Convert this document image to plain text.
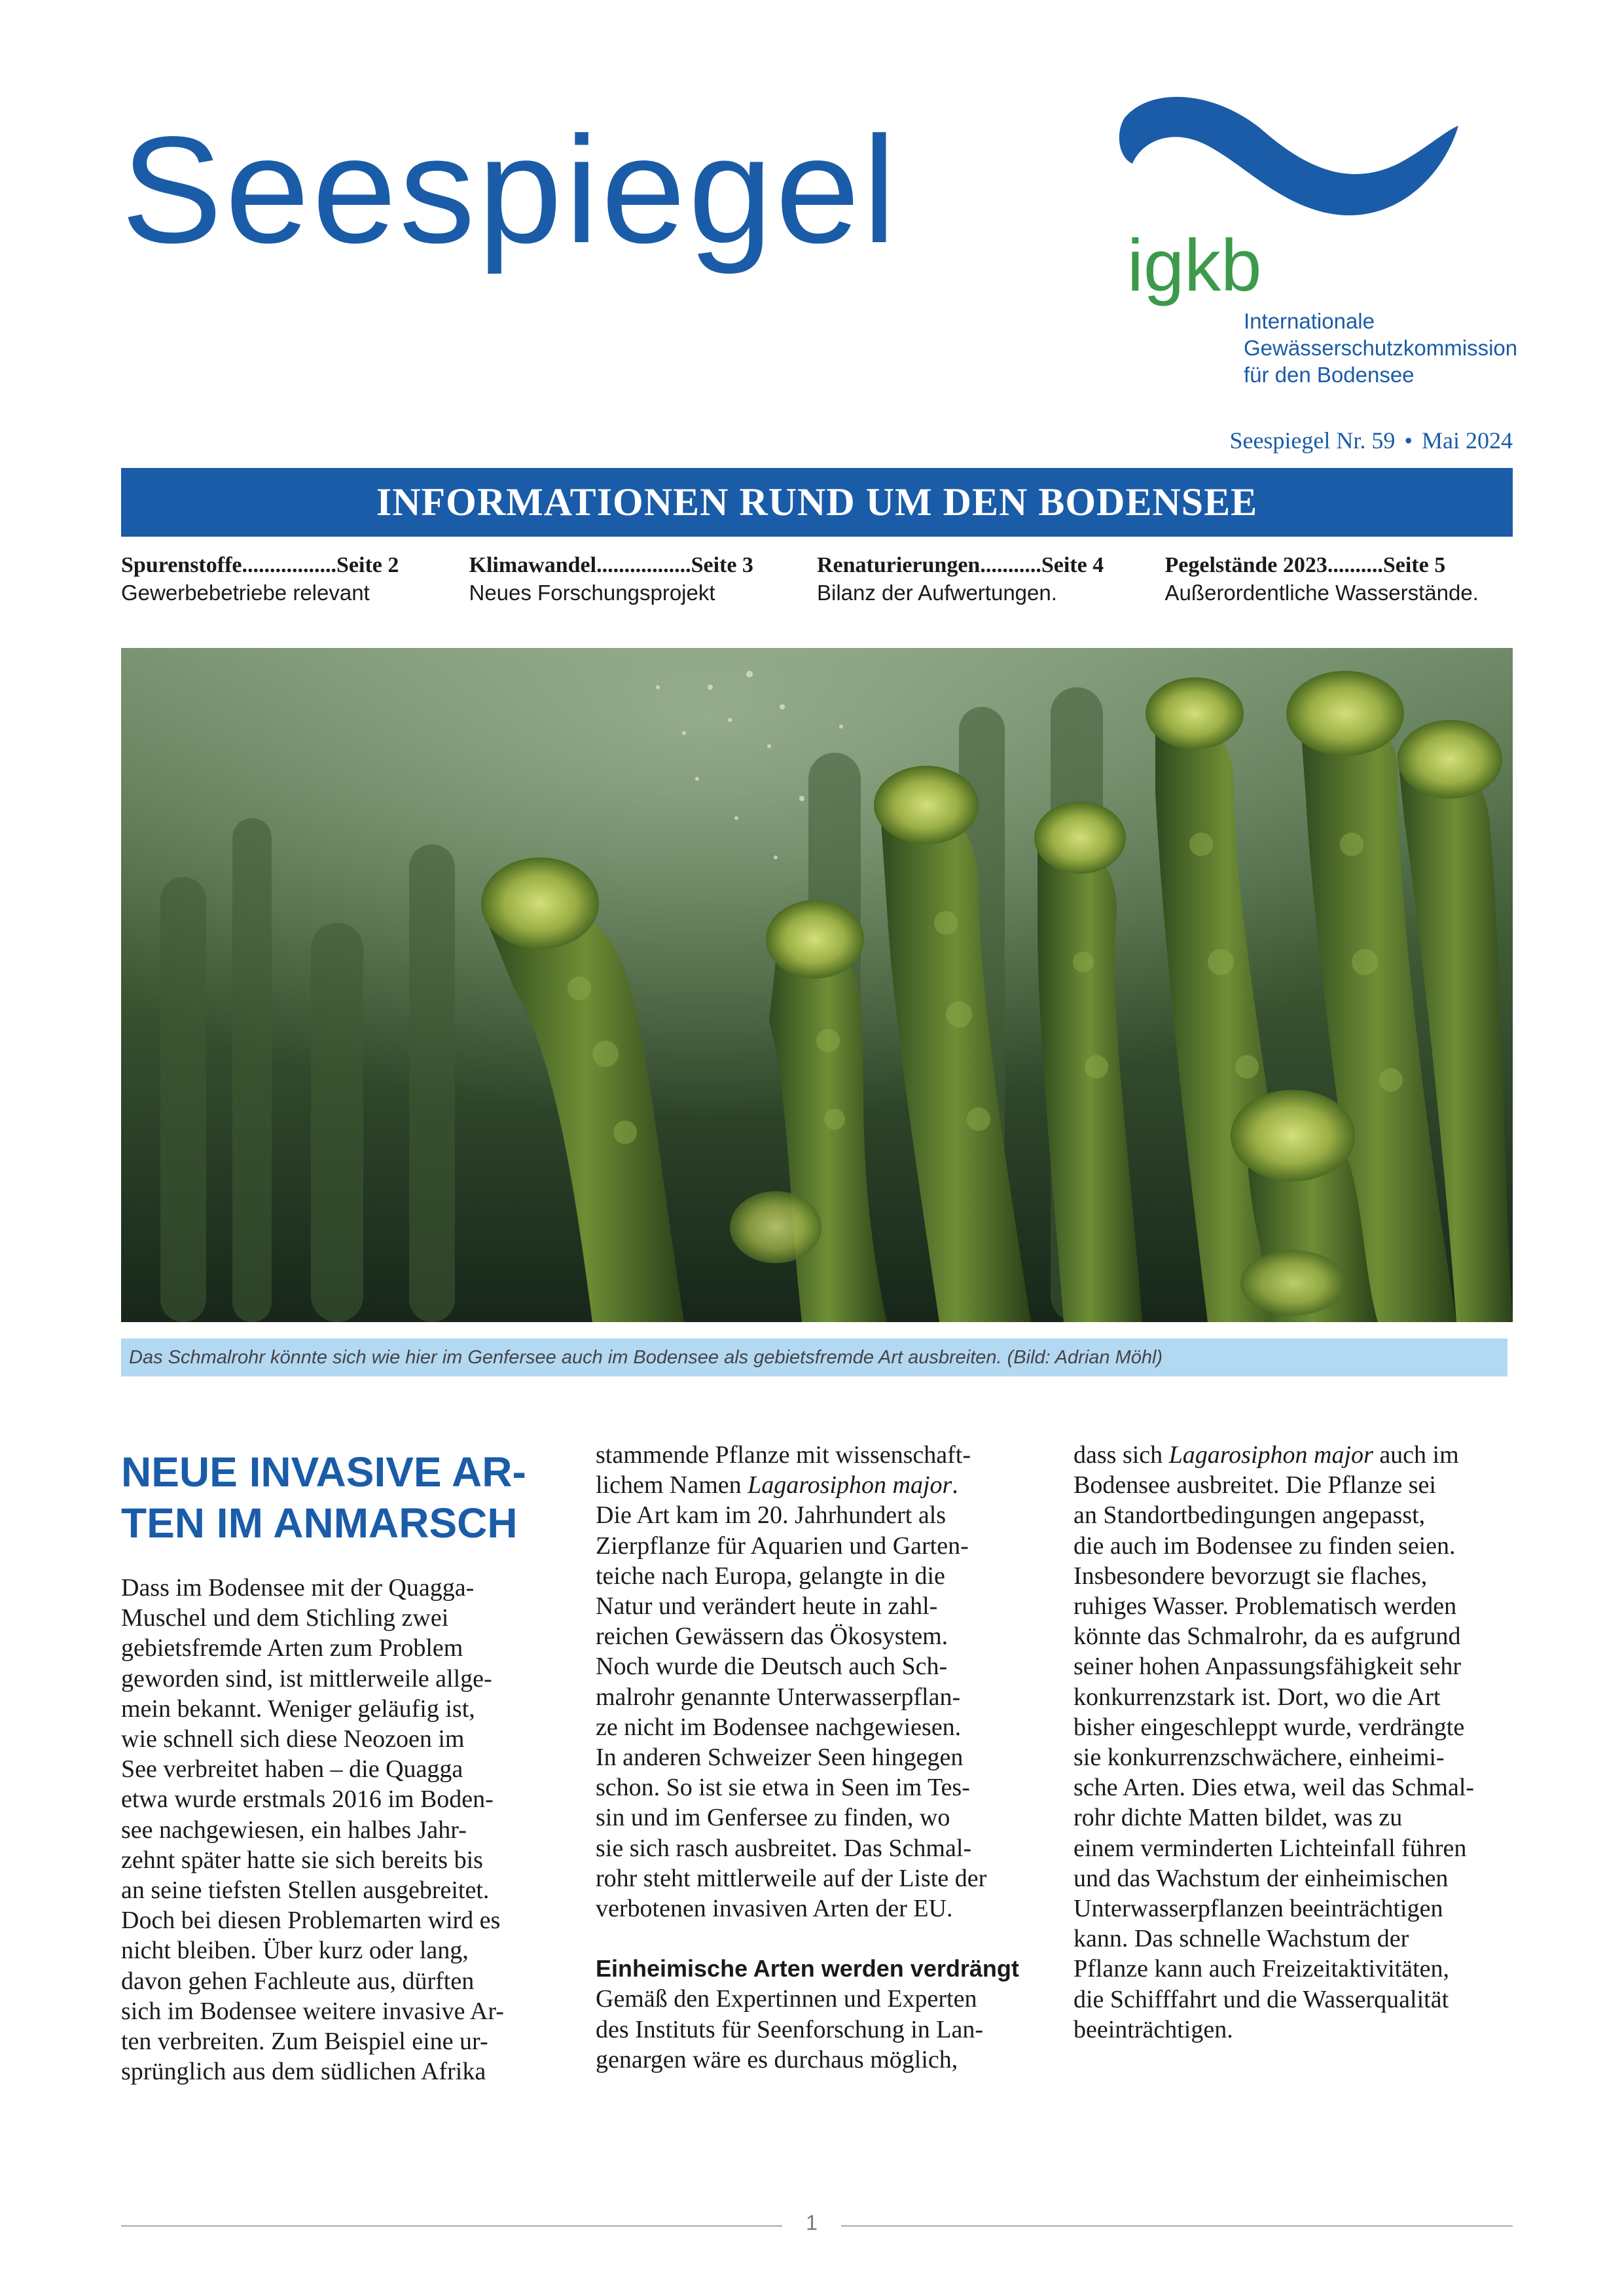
Seespiegel	igkb
Internationale
Gewässerschutzkommission
für den Bodensee
Seespiegel Nr. 59 • Mai 2024
INFORMATIONEN RUND UM DEN BODENSEE
Spurenstoffe.................Seite 2
Gewerbebetriebe relevant
Klimawandel.................Seite 3
Neues Forschungsprojekt
Renaturierungen...........Seite 4
Bilanz der Aufwertungen.
Pegelstände 2023..........Seite 5
Außerordentliche Wasserstände.
Das Schmalrohr könnte sich wie hier im Genfersee auch im Bodensee als gebietsfremde Art ausbreiten. (Bild: Adrian Möhl)
NEUE INVASIVE AR-
TEN IM ANMARSCH
Dass im Bodensee mit der Quagga-
Muschel und dem Stichling zwei
gebietsfremde Arten zum Problem
geworden sind, ist mittlerweile allge-
mein bekannt. Weniger geläufig ist,
wie schnell sich diese Neozoen im
See verbreitet haben – die Quagga
etwa wurde erstmals 2016 im Boden-
see nachgewiesen, ein halbes Jahr-
zehnt später hatte sie sich bereits bis
an seine tiefsten Stellen ausgebreitet.
Doch bei diesen Problemarten wird es
nicht bleiben. Über kurz oder lang,
davon gehen Fachleute aus, dürften
sich im Bodensee weitere invasive Ar-
ten verbreiten. Zum Beispiel eine ur-
sprünglich aus dem südlichen Afrika
stammende Pflanze mit wissenschaft-
lichem Namen Lagarosiphon major.
Die Art kam im 20. Jahrhundert als
Zierpflanze für Aquarien und Garten-
teiche nach Europa, gelangte in die
Natur und verändert heute in zahl-
reichen Gewässern das Ökosystem.
Noch wurde die Deutsch auch Sch-
malrohr genannte Unterwasserpflan-
ze nicht im Bodensee nachgewiesen.
In anderen Schweizer Seen hingegen
schon. So ist sie etwa in Seen im Tes-
sin und im Genfersee zu finden, wo
sie sich rasch ausbreitet. Das Schmal-
rohr steht mittlerweile auf der Liste der
verbotenen invasiven Arten der EU.
Einheimische Arten werden verdrängt
Gemäß den Expertinnen und Experten
des Instituts für Seenforschung in Lan-
genargen wäre es durchaus möglich,
dass sich Lagarosiphon major auch im
Bodensee ausbreitet. Die Pflanze sei
an Standortbedingungen angepasst,
die auch im Bodensee zu finden seien.
Insbesondere bevorzugt sie flaches,
ruhiges Wasser. Problematisch werden
könnte das Schmalrohr, da es aufgrund
seiner hohen Anpassungsfähigkeit sehr
konkurrenzstark ist. Dort, wo die Art
bisher eingeschleppt wurde, verdrängte
sie konkurrenzschwächere, einheimi-
sche Arten. Dies etwa, weil das Schmal-
rohr dichte Matten bildet, was zu
einem verminderten Lichteinfall führen
und das Wachstum der einheimischen
Unterwasserpflanzen beeinträchtigen
kann. Das schnelle Wachstum der
Pflanze kann auch Freizeitaktivitäten,
die Schifffahrt und die Wasserqualität
beeinträchtigen.
1
